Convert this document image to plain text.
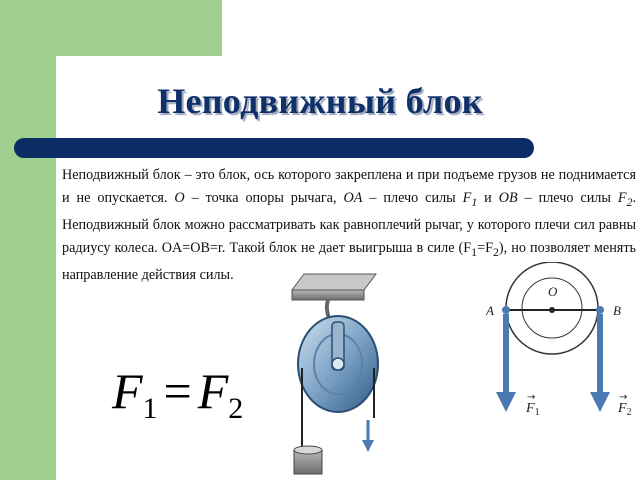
Неподвижный блок
Неподвижный блок – это блок, ось которого закреплена и при подъеме грузов не поднимается и не опускается. O – точка опоры рычага, OA – плечо силы $F_1$ и OB – плечо силы $F_2$. Неподвижный блок можно рассматривать как равноплечий рычаг, у которого плечи сил равны радиусу колеса. OA=OB=r. Такой блок не дает выигрыша в силе $(F_1=F_2)$, но позволяет менять направление действия силы.
$F_1 = F_2$
O
A	B
$F_1$	$F_2$
→	→
